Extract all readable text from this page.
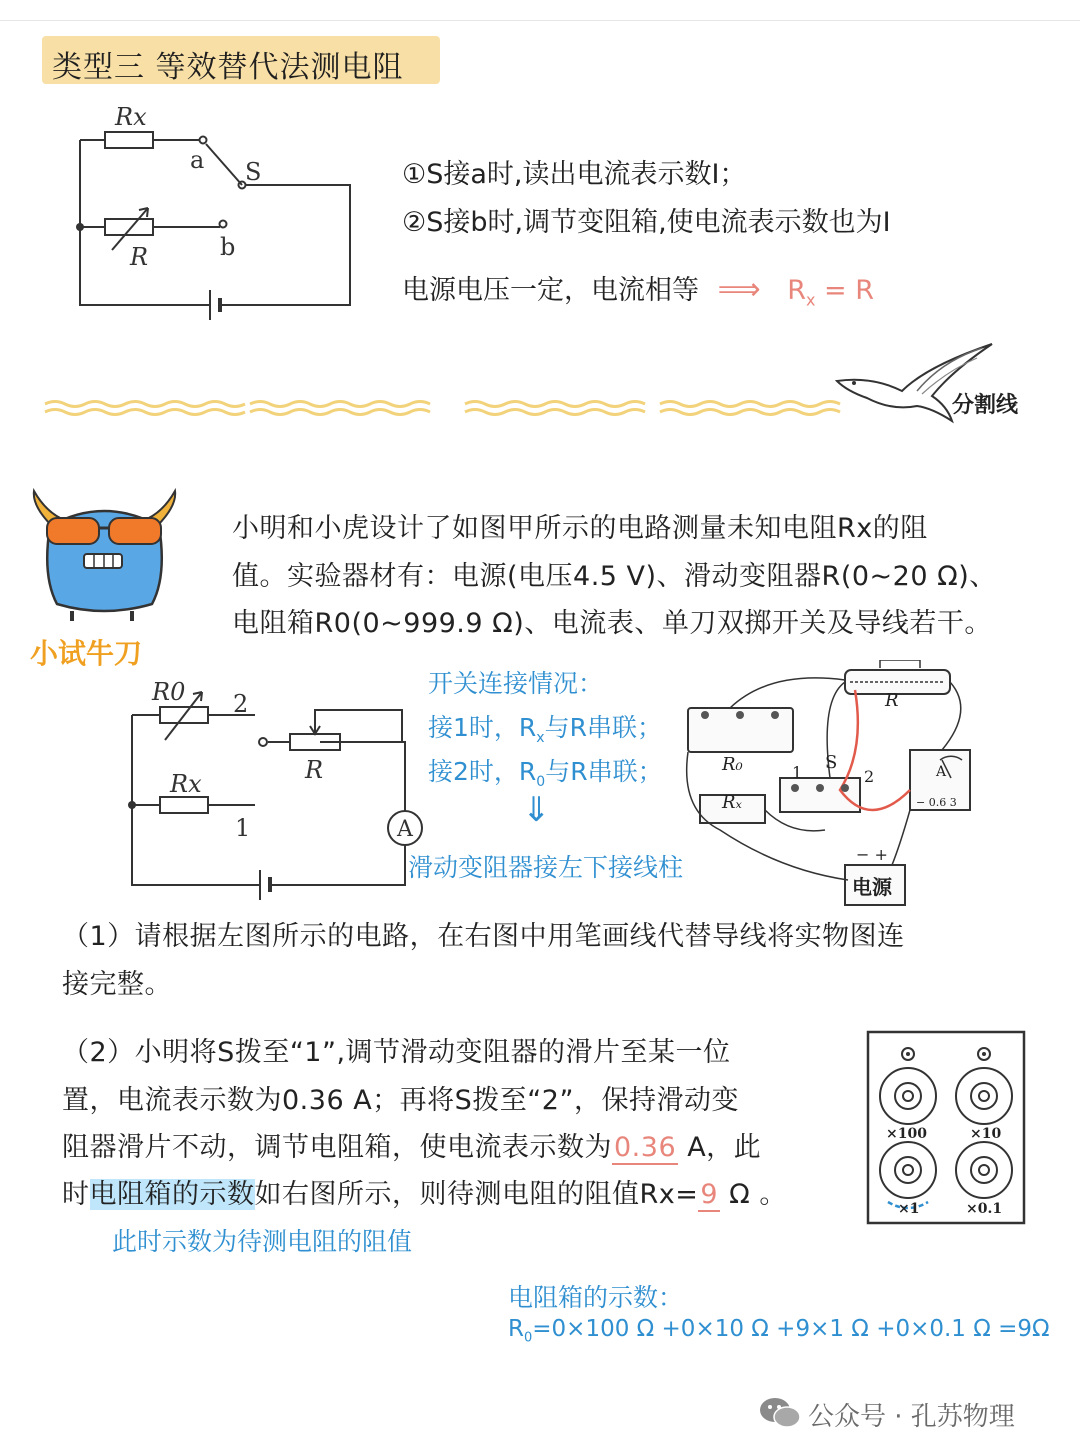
类型三 等效替代法测电阻
Rx
a S
R	b
①S接a时,读出电流表示数I；
②S接b时,调节变阻箱,使电流表示数也为I
电源电压一定，电流相等 ⟹ $R_x = R$
分割线
小试牛刀
小明和小虎设计了如图甲所示的电路测量未知电阻Rx的阻
值。实验器材有：电源(电压4.5 V)、滑动变阻器R(0~20 Ω)、
电阻箱R0(0~999.9 Ω)、电流表、单刀双掷开关及导线若干。
R0 2
Rx
1
R
A
开关连接情况：
接1时，$R_x$与R串联；
接2时，$R_0$与R串联；
⇓
滑动变阻器接左下接线柱
R
R₀
Rₓ
S
1	2	A
− 0.6 3
− +
电源
（1）请根据左图所示的电路，在右图中用笔画线代替导线将实物图连
接完整。
（2）小明将S拨至“1”,调节滑动变阻器的滑片至某一位
置，电流表示数为0.36 A；再将S拨至“2”，保持滑动变
阻器滑片不动，调节电阻箱，使电流表示数为0.36 A，此
时电阻箱的示数如右图所示，则待测电阻的阻值Rx=9 Ω 。
此时示数为待测电阻的阻值
×100	×10
×1	×0.1
电阻箱的示数：
$R_0=0\times 100$ Ω +0×10 Ω +9×1 Ω +0×0.1 Ω =9Ω
公众号 · 孔苏物理
